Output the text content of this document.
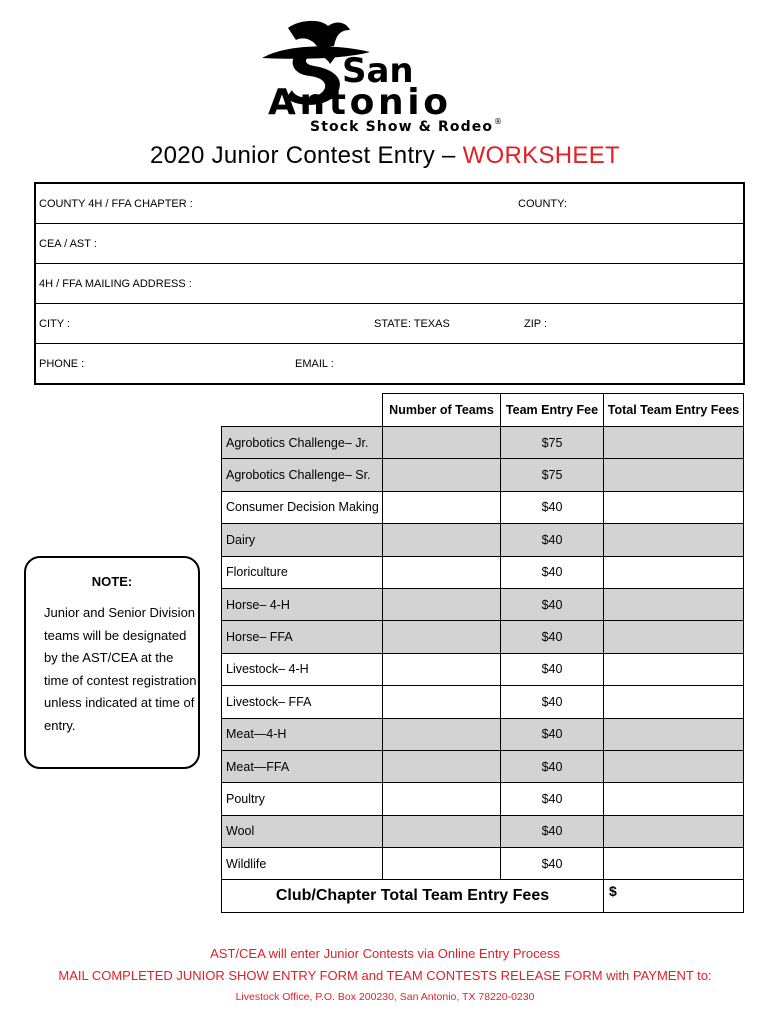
San
Antonio
Stock Show & Rodeo ®
2020 Junior Contest Entry – WORKSHEET
COUNTY 4H / FFA CHAPTER :	COUNTY:
CEA / AST :
4H / FFA MAILING ADDRESS :
CITY :	STATE: TEXAS	ZIP :
PHONE :	EMAIL :
	Number of Teams	Team Entry Fee	Total Team Entry Fees
Agrobotics Challenge– Jr.		$75	
Agrobotics Challenge– Sr.		$75	
Consumer Decision Making		$40	
Dairy		$40	
Floriculture		$40	
Horse– 4-H		$40	
Horse– FFA		$40	
Livestock– 4-H		$40	
Livestock– FFA		$40	
Meat—4-H		$40	
Meat—FFA		$40	
Poultry		$40	
Wool		$40	
Wildlife		$40	
Club/Chapter Total Team Entry Fees			$
NOTE:
Junior and Senior Division teams will be designated by the AST/CEA at the time of contest registration unless indicated at time of entry.
AST/CEA will enter Junior Contests via Online Entry Process
MAIL COMPLETED JUNIOR SHOW ENTRY FORM and TEAM CONTESTS RELEASE FORM with PAYMENT to:
Livestock Office, P.O. Box 200230, San Antonio, TX 78220-0230
